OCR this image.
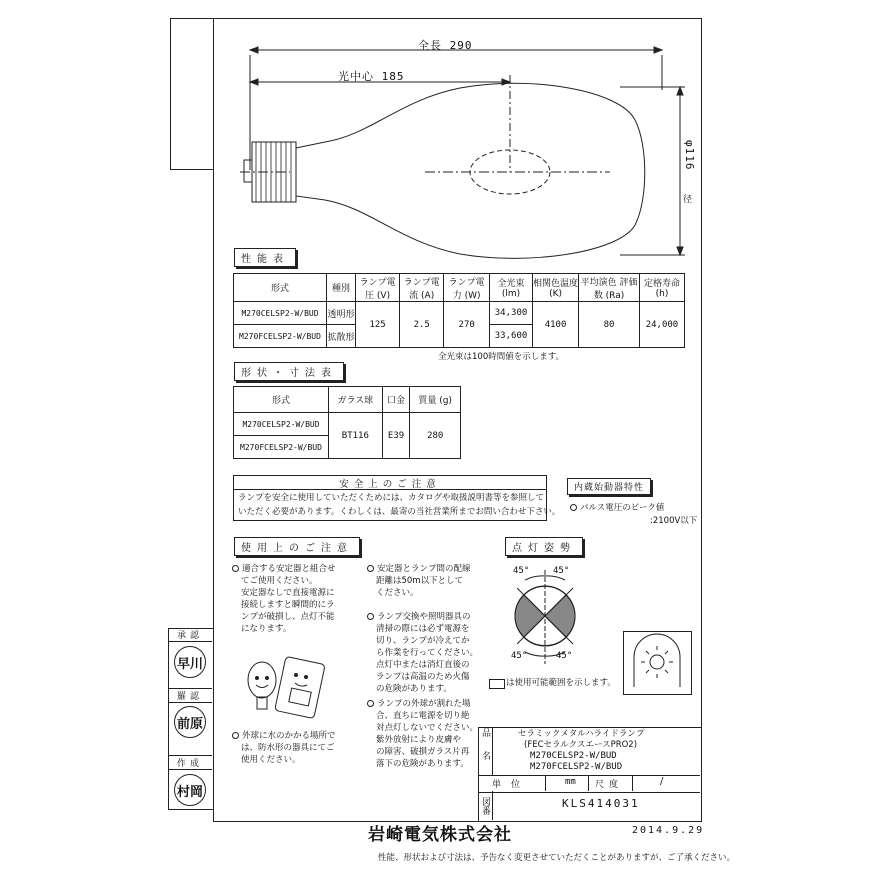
全長 290
光中心 185
φ116
径
性能表
形式	種別	ランプ電圧 (V)	ランプ電流 (A)	ランプ電力 (W)	全光束 (lm)	相関色温度 (K)	平均演色 評価数 (Ra)	定格寿命 (h)
M270CELSP2-W/BUD	透明形	125	2.5	270	34,300	4100	80	24,000
M270FCELSP2-W/BUD	拡散形				33,600			
全光束は100時間値を示します。
形状・寸法表
形式	ガラス球	口金	質量 (g)
M270CELSP2-W/BUD	BT116	E39	280
M270FCELSP2-W/BUD			
安全上のご注意
ランプを安全に使用していただくためには、カタログや取扱説明書等を参照して
いただく必要があります。くわしくは、最寄の当社営業所までお問い合わせ下さい。
内蔵始動器特性
パルス電圧のピーク値
:2100V以下
使用上のご注意
適合する安定器と組合せ
てご使用ください。
安定器なしで直接電源に
接続しますと瞬間的にラ
ンプが破損し、点灯不能
になります。
外球に水のかかる場所で
は、防水形の器具にてご
使用ください。
安定器とランプ間の配線
距離は50m以下として
ください。
ランプ交換や照明器具の
清掃の際には必ず電源を
切り、ランプが冷えてか
ら作業を行ってください。
点灯中または消灯直後の
ランプは高温のため火傷
の危険があります。
ランプの外球が割れた場
合、直ちに電源を切り絶
対点灯しないでください。
紫外放射により皮膚や
の障害、破損ガラス片再
落下の危険があります。
点灯姿勢
45°	45°
45°	45°
は使用可能範囲を示します。
承認
早川
羅認
前原
作成
村岡
品名	セラミックメタルハライドランプ
(FECセラルクスエースPRO2)
M270CELSP2-W/BUD
M270FCELSP2-W/BUD
単位	mm 尺度	/
図番	KLS414031
岩崎電気株式会社	2014.9.29
性能、形状および寸法は、予告なく変更させていただくことがありますが、ご了承ください。
